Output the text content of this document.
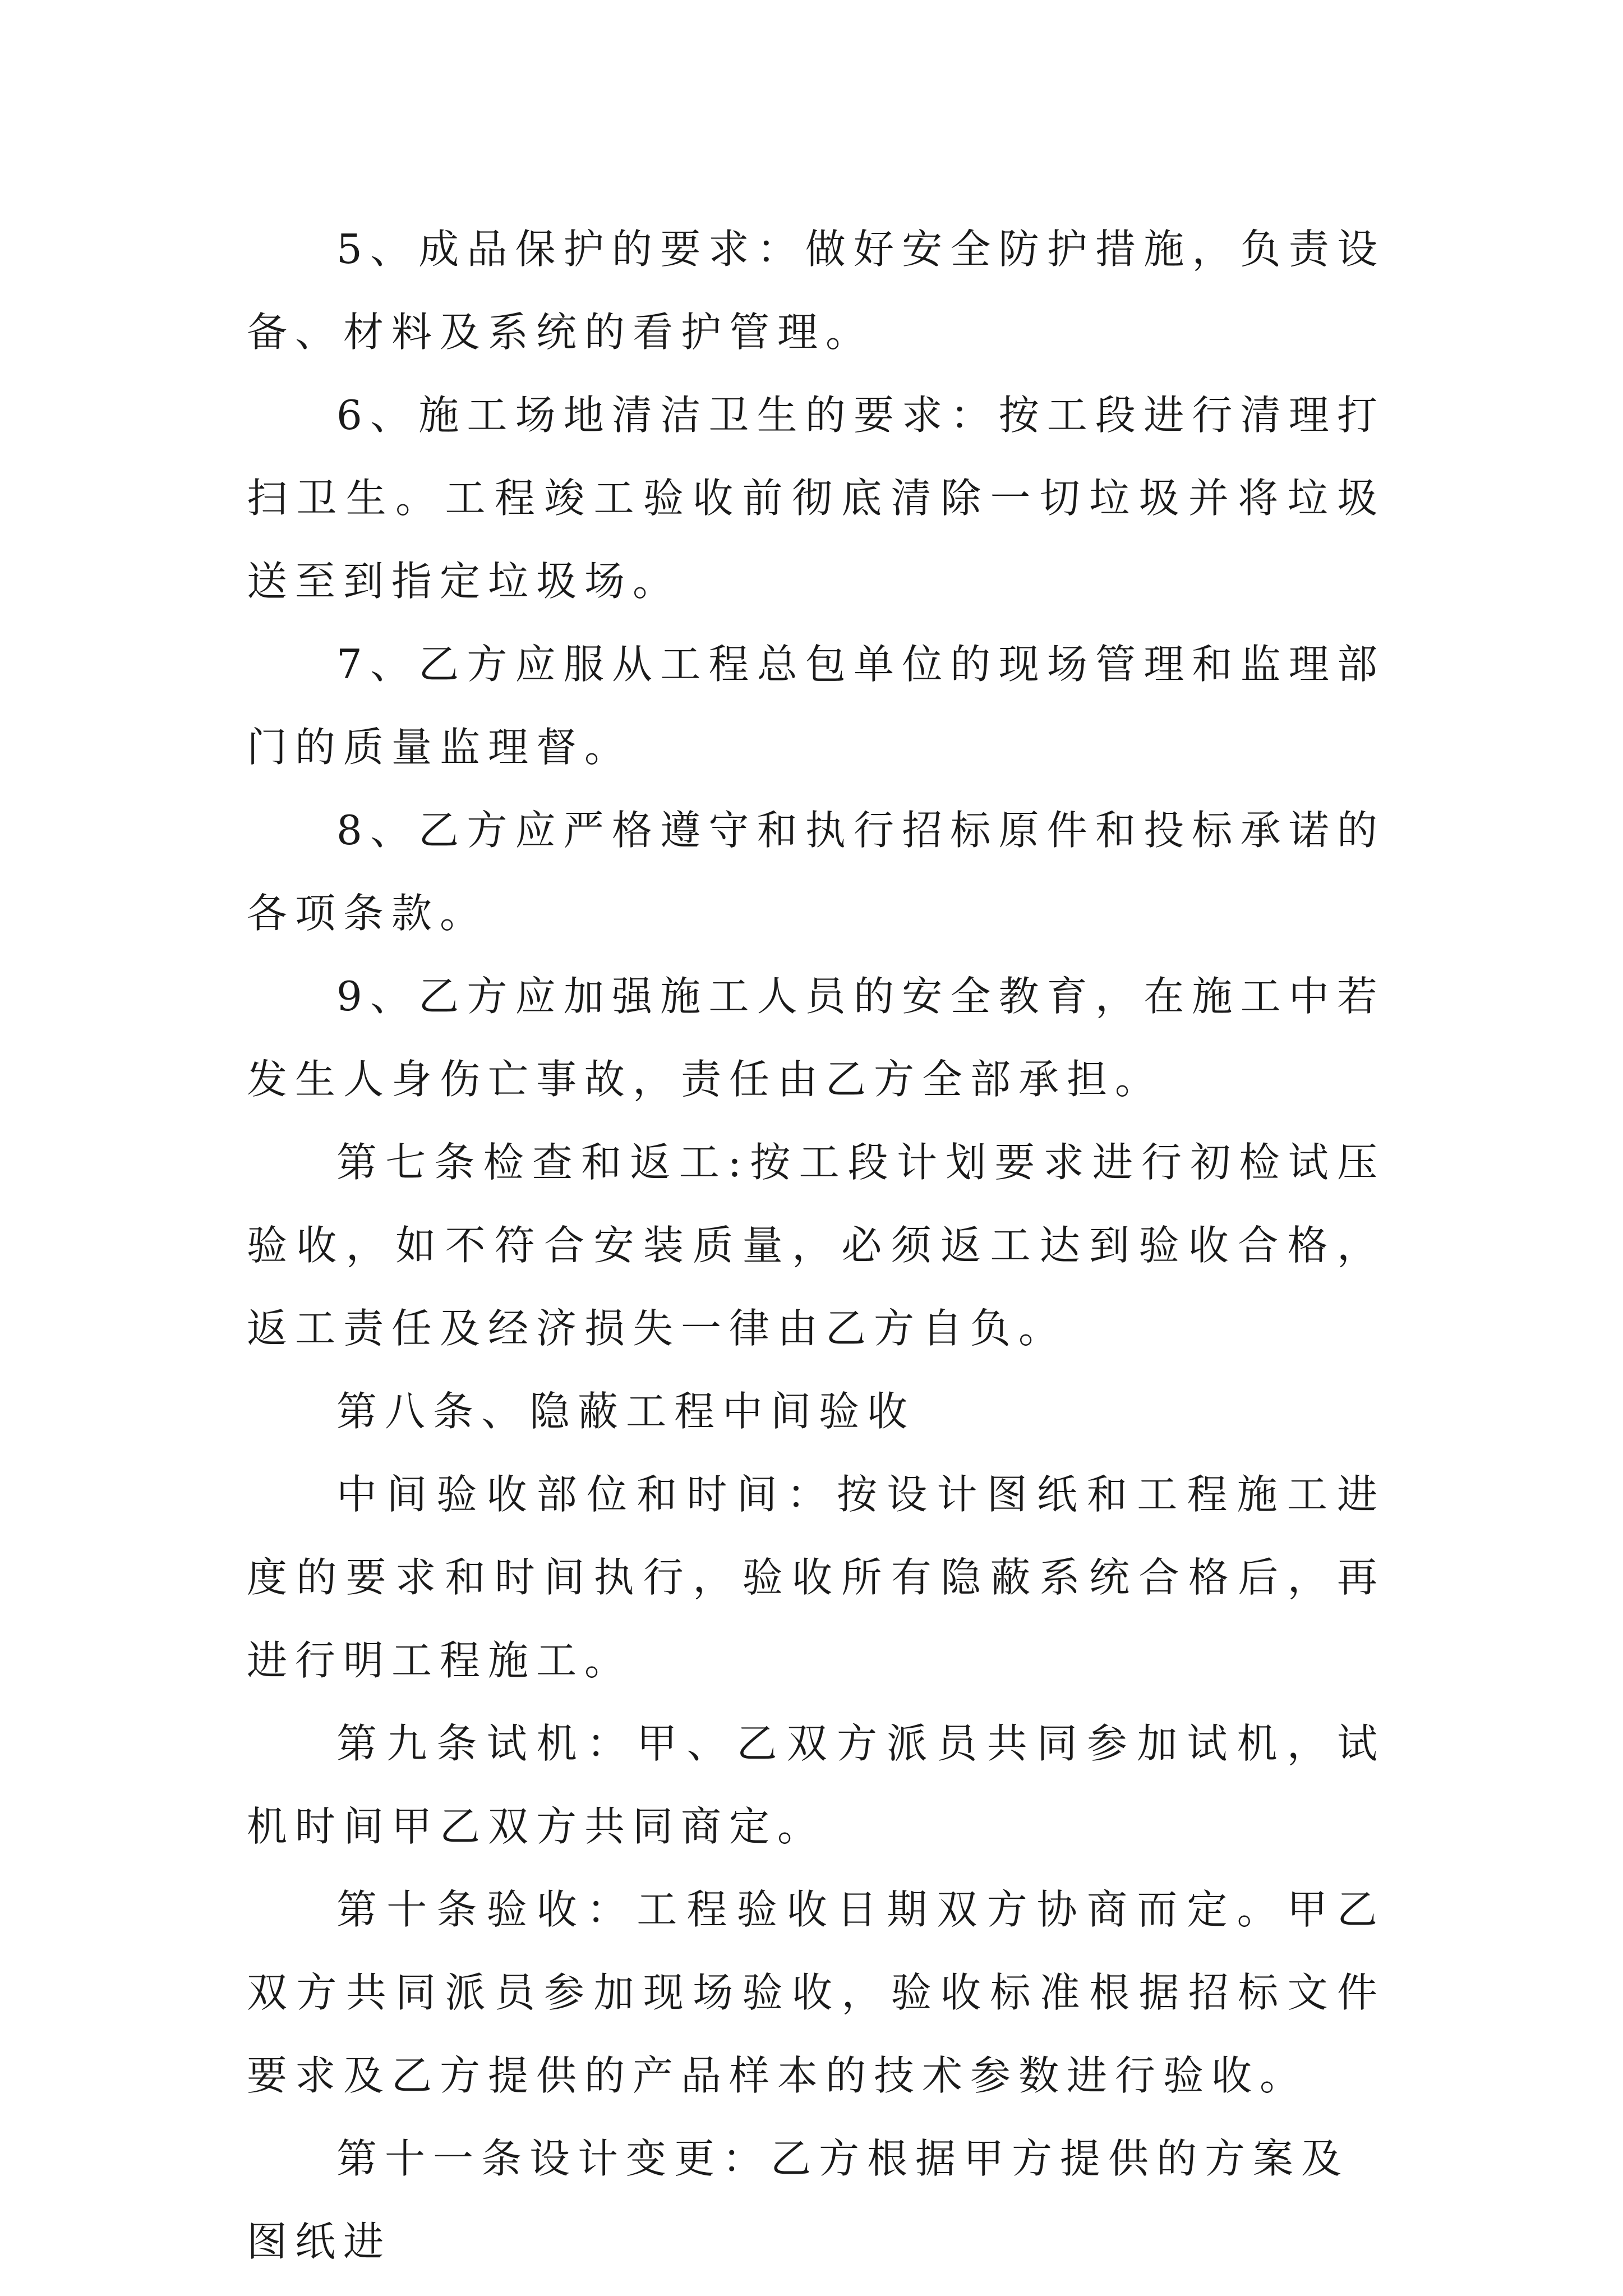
5、成品保护的要求：做好安全防护措施，负责设备、材料及系统的看护管理。

6、施工场地清洁卫生的要求：按工段进行清理打扫卫生。工程竣工验收前彻底清除一切垃圾并将垃圾送至到指定垃圾场。

7、乙方应服从工程总包单位的现场管理和监理部门的质量监理督。

8、乙方应严格遵守和执行招标原件和投标承诺的各项条款。

9、乙方应加强施工人员的安全教育，在施工中若发生人身伤亡事故，责任由乙方全部承担。

第七条检查和返工:按工段计划要求进行初检试压验收，如不符合安装质量，必须返工达到验收合格，返工责任及经济损失一律由乙方自负。

第八条、隐蔽工程中间验收

中间验收部位和时间：按设计图纸和工程施工进度的要求和时间执行，验收所有隐蔽系统合格后，再进行明工程施工。

第九条试机：甲、乙双方派员共同参加试机，试机时间甲乙双方共同商定。

第十条验收：工程验收日期双方协商而定。甲乙双方共同派员参加现场验收，验收标准根据招标文件要求及乙方提供的产品样本的技术参数进行验收。

第十一条设计变更：乙方根据甲方提供的方案及图纸进
